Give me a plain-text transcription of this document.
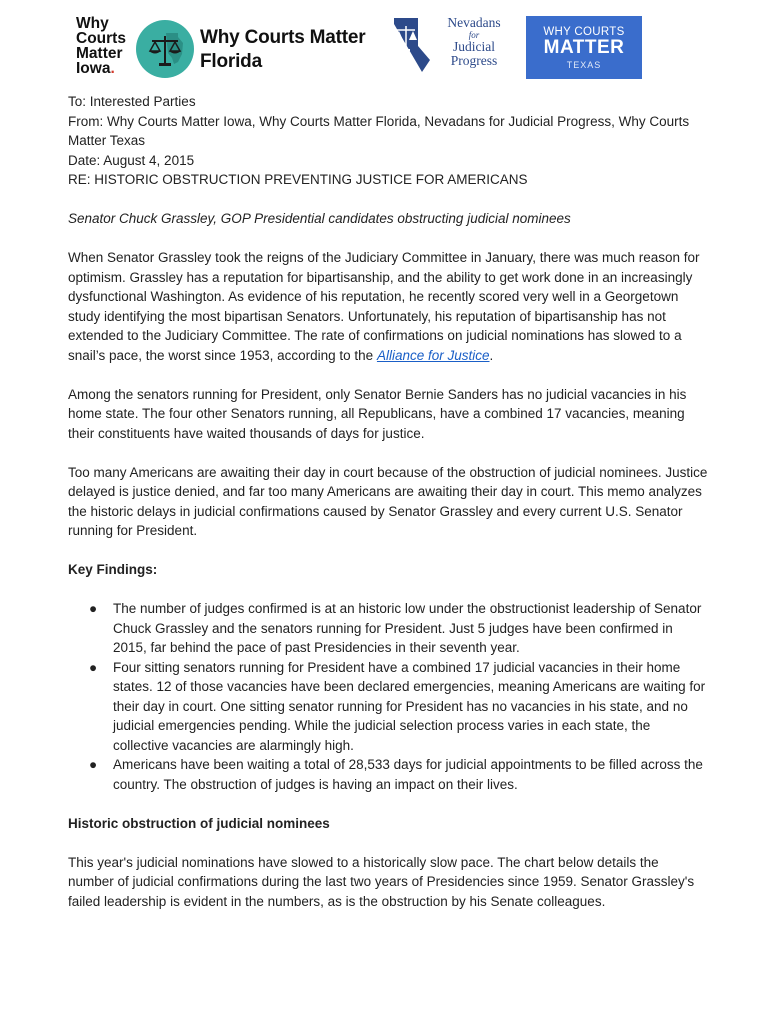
Why
Courts
Matter
Iowa.
Why Courts Matter
Florida
Nevadans
for
Judicial
Progress
WHY COURTS
MATTER
TEXAS

To: Interested Parties

From: Why Courts Matter Iowa, Why Courts Matter Florida, Nevadans for Judicial Progress, Why Courts Matter Texas

Date: August 4, 2015

RE: HISTORIC OBSTRUCTION PREVENTING JUSTICE FOR AMERICANS

Senator Chuck Grassley, GOP Presidential candidates obstructing judicial nominees

When Senator Grassley took the reigns of the Judiciary Committee in January, there was much reason for optimism. Grassley has a reputation for bipartisanship, and the ability to get work done in an increasingly dysfunctional Washington. As evidence of his reputation, he recently scored very well in a Georgetown study identifying the most bipartisan Senators. Unfortunately, his reputation of bipartisanship has not extended to the Judiciary Committee. The rate of confirmations on judicial nominations has slowed to a snail’s pace, the worst since 1953, according to the Alliance for Justice.

Among the senators running for President, only Senator Bernie Sanders has no judicial vacancies in his home state. The four other Senators running, all Republicans, have a combined 17 vacancies, meaning their constituents have waited thousands of days for justice.

Too many Americans are awaiting their day in court because of the obstruction of judicial nominees. Justice delayed is justice denied, and far too many Americans are awaiting their day in court. This memo analyzes the historic delays in judicial confirmations caused by Senator Grassley and every current U.S. Senator running for President.

Key Findings:

● The number of judges confirmed is at an historic low under the obstructionist leadership of Senator Chuck Grassley and the senators running for President. Just 5 judges have been confirmed in 2015, far behind the pace of past Presidencies in their seventh year.
● Four sitting senators running for President have a combined 17 judicial vacancies in their home states. 12 of those vacancies have been declared emergencies, meaning Americans are waiting for their day in court. One sitting senator running for President has no vacancies in his state, and no judicial emergencies pending. While the judicial selection process varies in each state, the collective vacancies are alarmingly high.
● Americans have been waiting a total of 28,533 days for judicial appointments to be filled across the country. The obstruction of judges is having an impact on their lives.

Historic obstruction of judicial nominees

This year's judicial nominations have slowed to a historically slow pace. The chart below details the number of judicial confirmations during the last two years of Presidencies since 1959. Senator Grassley's failed leadership is evident in the numbers, as is the obstruction by his Senate colleagues.
